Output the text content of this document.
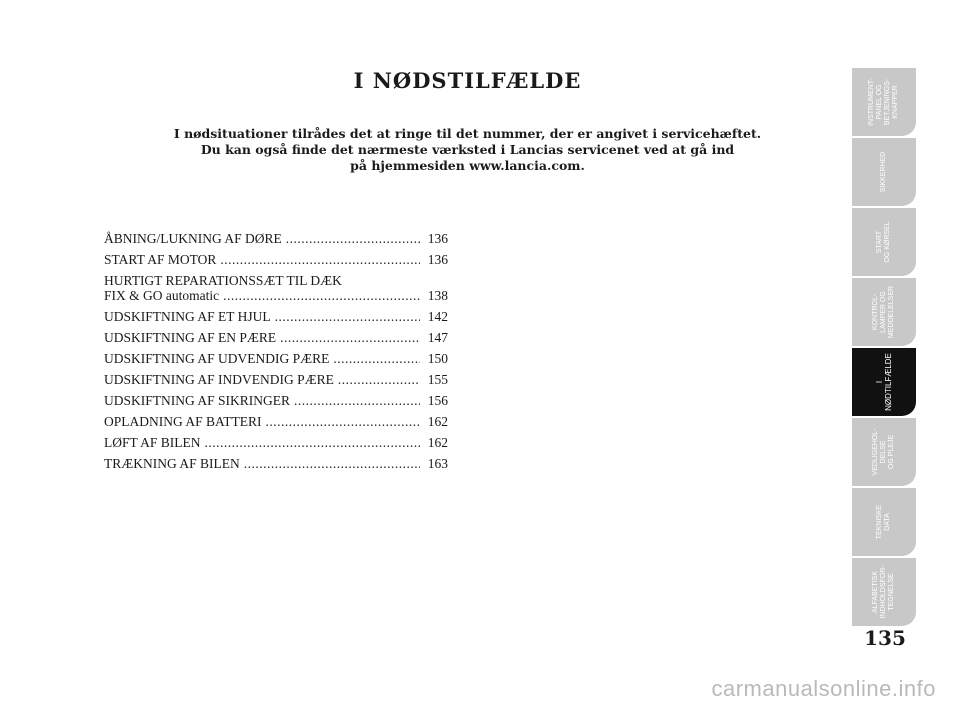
I NØDSTILFÆLDE
I nødsituationer tilrådes det at ringe til det nummer, der er angivet i servicehæftet.
Du kan også finde det nærmeste værksted i Lancias servicenet ved at gå ind
på hjemmesiden www.lancia.com.
ÅBNING/LUKNING AF DØRE .....	136
START AF MOTOR .....	136
HURTIGT REPARATIONSSÆT TIL DÆK
FIX & GO automatic .....	138
UDSKIFTNING AF ET HJUL .....	142
UDSKIFTNING AF EN PÆRE .....	147
UDSKIFTNING AF UDVENDIG PÆRE .....	150
UDSKIFTNING AF INDVENDIG PÆRE .....	155
UDSKIFTNING AF SIKRINGER .....	156
OPLADNING AF BATTERI .....	162
LØFT AF BILEN .....	162
TRÆKNING AF BILEN .....	163
INSTRUMENT- PANEL OG BETJENINGS- KNAPPER
SIKKERHED
START OG KØRSEL
KONTROL- LAMPER OG MEDDELELSER
I NØDTILFÆLDE
VEDLIGEHOL- DELSE OG PLEJE
TEKNISKE DATA
ALFABETISK INDHOLDSFOR- TEGNELSE
135
carmanualsonline.info
